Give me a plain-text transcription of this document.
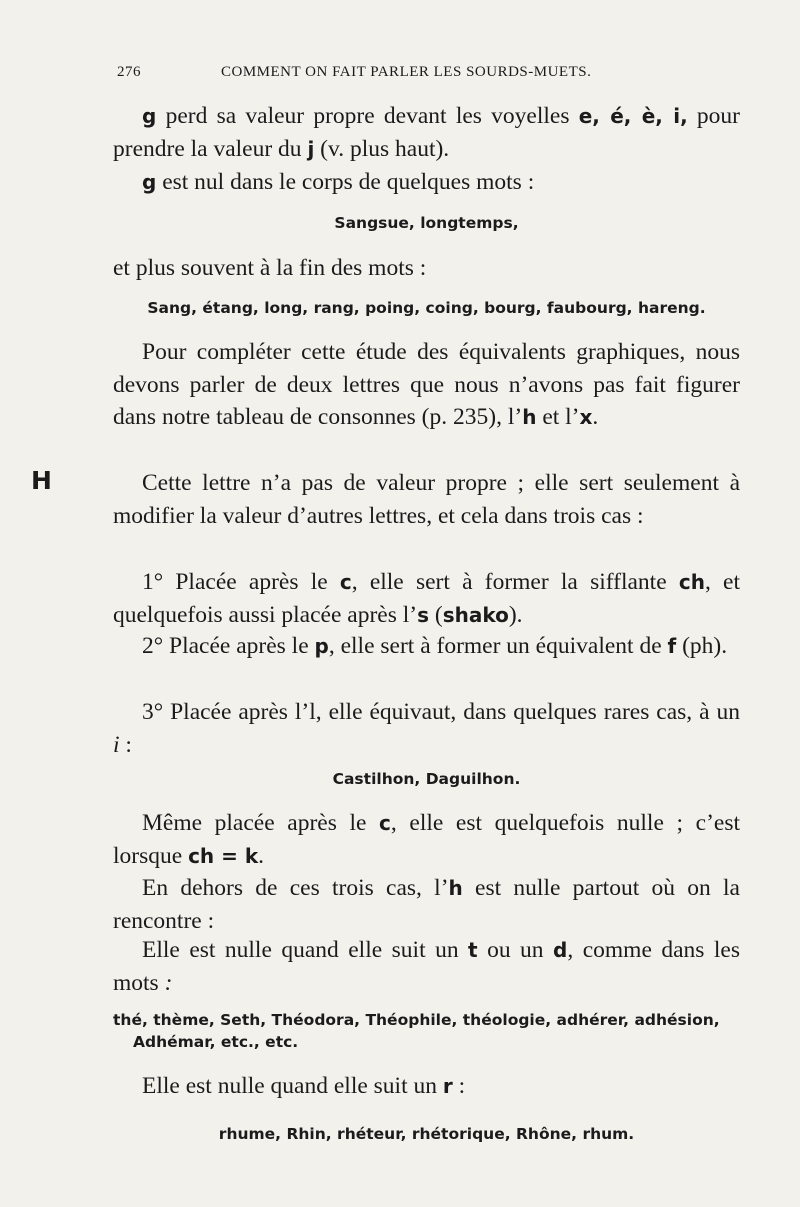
276	COMMENT ON FAIT PARLER LES SOURDS-MUETS.
H
g perd sa valeur propre devant les voyelles e, é, è, i, pour prendre la valeur du j (v. plus haut).
g est nul dans le corps de quelques mots :
Sangsue, longtemps,
et plus souvent à la fin des mots :
Sang, étang, long, rang, poing, coing, bourg, faubourg, hareng.
Pour compléter cette étude des équivalents graphiques, nous devons parler de deux lettres que nous n’avons pas fait figurer dans notre tableau de consonnes (p. 235), l’h et l’x.
Cette lettre n’a pas de valeur propre ; elle sert seulement à modifier la valeur d’autres lettres, et cela dans trois cas :
1° Placée après le c, elle sert à former la sifflante ch, et quelquefois aussi placée après l’s (shako).
2° Placée après le p, elle sert à former un équivalent de f (ph).
3° Placée après l’l, elle équivaut, dans quelques rares cas, à un i :
Castilhon, Daguilhon.
Même placée après le c, elle est quelquefois nulle ; c’est lorsque ch = k.
En dehors de ces trois cas, l’h est nulle partout où on la rencontre :
Elle est nulle quand elle suit un t ou un d, comme dans les mots :
thé, thème, Seth, Théodora, Théophile, théologie, adhérer, adhésion,
Adhémar, etc., etc.
Elle est nulle quand elle suit un r :
rhume, Rhin, rhéteur, rhétorique, Rhône, rhum.
